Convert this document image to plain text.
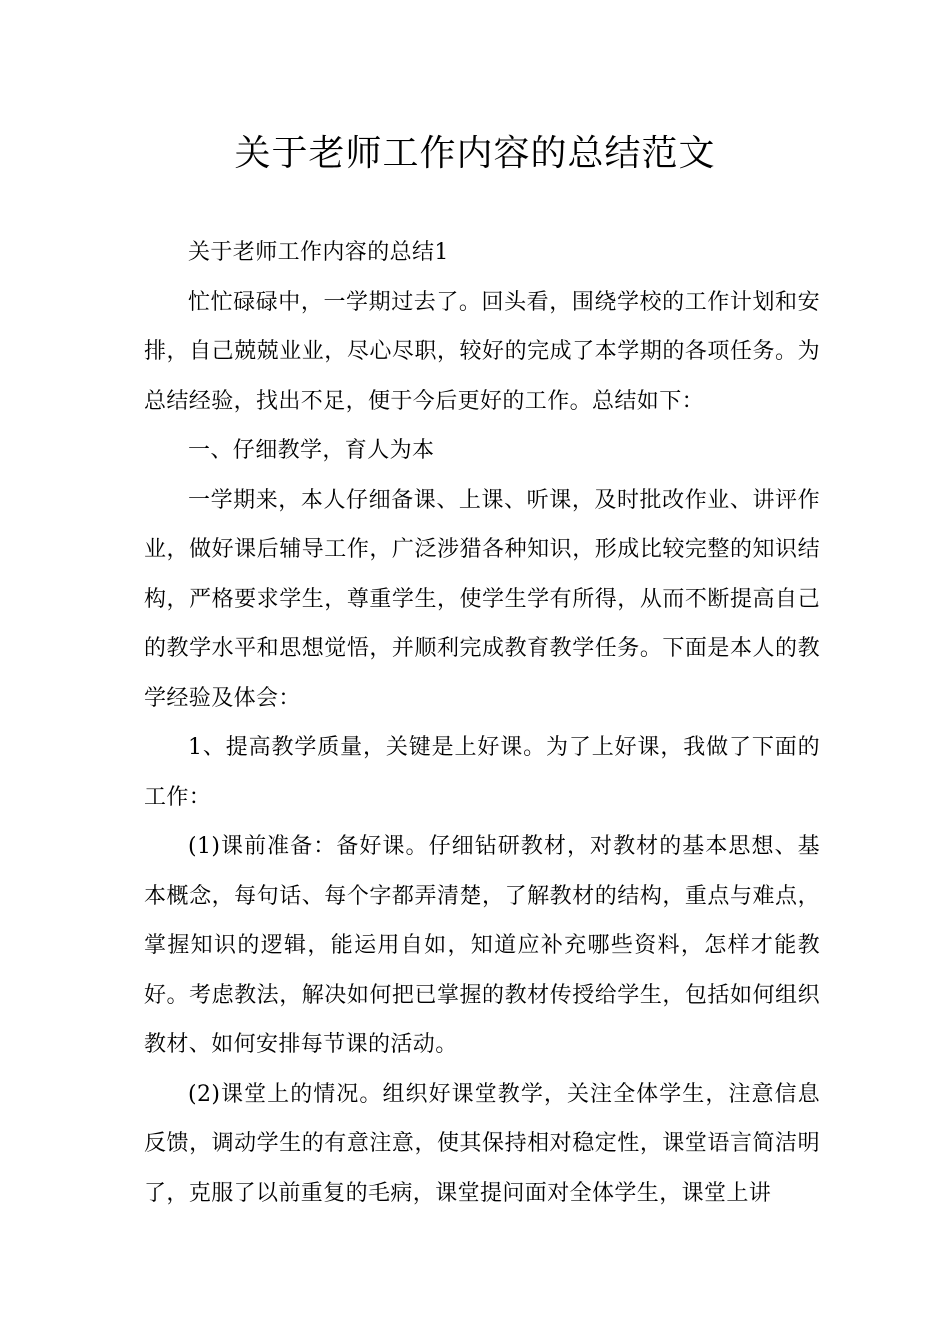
关于老师工作内容的总结范文

关于老师工作内容的总结1

忙忙碌碌中，一学期过去了。回头看，围绕学校的工作计划和安排，自己兢兢业业，尽心尽职，较好的完成了本学期的各项任务。为总结经验，找出不足，便于今后更好的工作。总结如下：

一、仔细教学，育人为本

一学期来，本人仔细备课、上课、听课，及时批改作业、讲评作业，做好课后辅导工作，广泛涉猎各种知识，形成比较完整的知识结构，严格要求学生，尊重学生，使学生学有所得，从而不断提高自己的教学水平和思想觉悟，并顺利完成教育教学任务。下面是本人的教学经验及体会：

1、提高教学质量，关键是上好课。为了上好课，我做了下面的工作：

(1)课前准备：备好课。仔细钻研教材，对教材的基本思想、基本概念，每句话、每个字都弄清楚，了解教材的结构，重点与难点，掌握知识的逻辑，能运用自如，知道应补充哪些资料，怎样才能教好。考虑教法，解决如何把已掌握的教材传授给学生，包括如何组织教材、如何安排每节课的活动。

(2)课堂上的情况。组织好课堂教学，关注全体学生，注意信息反馈，调动学生的有意注意，使其保持相对稳定性，课堂语言简洁明了，克服了以前重复的毛病，课堂提问面对全体学生，课堂上讲
